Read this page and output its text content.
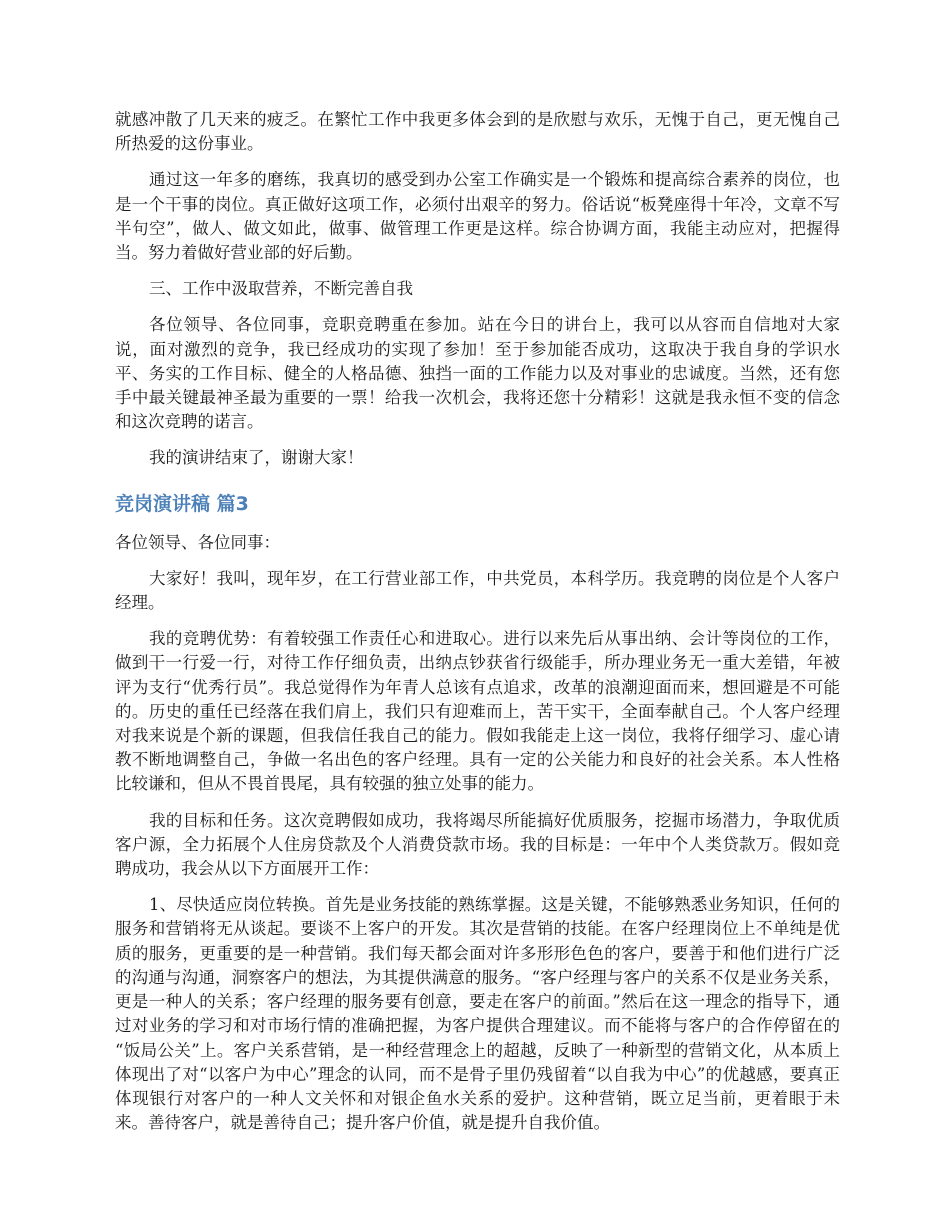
就感冲散了几天来的疲乏。在繁忙工作中我更多体会到的是欣慰与欢乐，无愧于自己，更无愧自己所热爱的这份事业。

通过这一年多的磨练，我真切的感受到办公室工作确实是一个锻炼和提高综合素养的岗位，也是一个干事的岗位。真正做好这项工作，必须付出艰辛的努力。俗话说“板凳座得十年冷，文章不写半句空”，做人、做文如此，做事、做管理工作更是这样。综合协调方面，我能主动应对，把握得当。努力着做好营业部的好后勤。

三、工作中汲取营养，不断完善自我

各位领导、各位同事，竞职竞聘重在参加。站在今日的讲台上，我可以从容而自信地对大家说，面对激烈的竞争，我已经成功的实现了参加！至于参加能否成功，这取决于我自身的学识水平、务实的工作目标、健全的人格品德、独挡一面的工作能力以及对事业的忠诚度。当然，还有您手中最关键最神圣最为重要的一票！给我一次机会，我将还您十分精彩！这就是我永恒不变的信念和这次竞聘的诺言。

我的演讲结束了，谢谢大家！

竞岗演讲稿 篇3

各位领导、各位同事：

大家好！我叫，现年岁，在工行营业部工作，中共党员，本科学历。我竞聘的岗位是个人客户经理。

我的竞聘优势：有着较强工作责任心和进取心。进行以来先后从事出纳、会计等岗位的工作，做到干一行爱一行，对待工作仔细负责，出纳点钞获省行级能手，所办理业务无一重大差错，年被评为支行“优秀行员”。我总觉得作为年青人总该有点追求，改革的浪潮迎面而来，想回避是不可能的。历史的重任已经落在我们肩上，我们只有迎难而上，苦干实干，全面奉献自己。个人客户经理对我来说是个新的课题，但我信任我自己的能力。假如我能走上这一岗位，我将仔细学习、虚心请教不断地调整自己，争做一名出色的客户经理。具有一定的公关能力和良好的社会关系。本人性格比较谦和，但从不畏首畏尾，具有较强的独立处事的能力。

我的目标和任务。这次竞聘假如成功，我将竭尽所能搞好优质服务，挖掘市场潜力，争取优质客户源，全力拓展个人住房贷款及个人消费贷款市场。我的目标是：一年中个人类贷款万。假如竞聘成功，我会从以下方面展开工作：

1、尽快适应岗位转换。首先是业务技能的熟练掌握。这是关键，不能够熟悉业务知识，任何的服务和营销将无从谈起。要谈不上客户的开发。其次是营销的技能。在客户经理岗位上不单纯是优质的服务，更重要的是一种营销。我们每天都会面对许多形形色色的客户，要善于和他们进行广泛的沟通与沟通，洞察客户的想法，为其提供满意的服务。“客户经理与客户的关系不仅是业务关系，更是一种人的关系；客户经理的服务要有创意，要走在客户的前面。”然后在这一理念的指导下，通过对业务的学习和对市场行情的准确把握，为客户提供合理建议。而不能将与客户的合作停留在的 “饭局公关”上。客户关系营销，是一种经营理念上的超越，反映了一种新型的营销文化，从本质上体现出了对“以客户为中心”理念的认同，而不是骨子里仍残留着“以自我为中心”的优越感，要真正体现银行对客户的一种人文关怀和对银企鱼水关系的爱护。这种营销，既立足当前，更着眼于未来。善待客户，就是善待自己；提升客户价值，就是提升自我价值。
